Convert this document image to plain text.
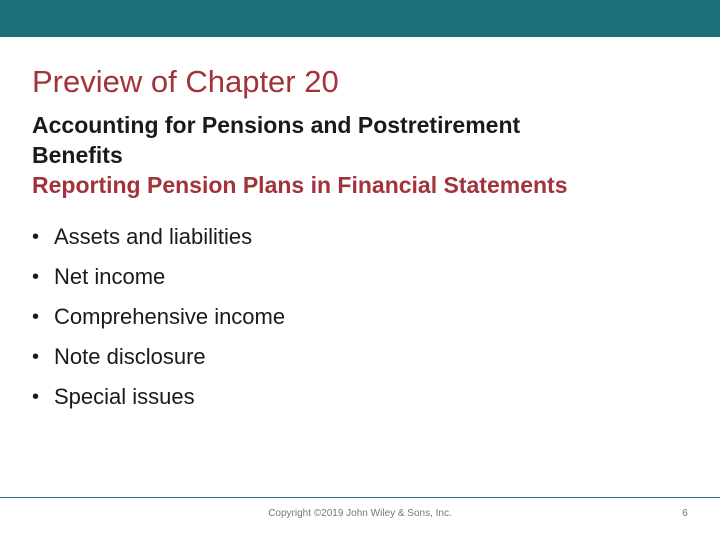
Preview of Chapter 20
Accounting for Pensions and Postretirement
Benefits
Reporting Pension Plans in Financial Statements
• Assets and liabilities
• Net income
• Comprehensive income
• Note disclosure
• Special issues
Copyright ©2019 John Wiley & Sons, Inc.	6
